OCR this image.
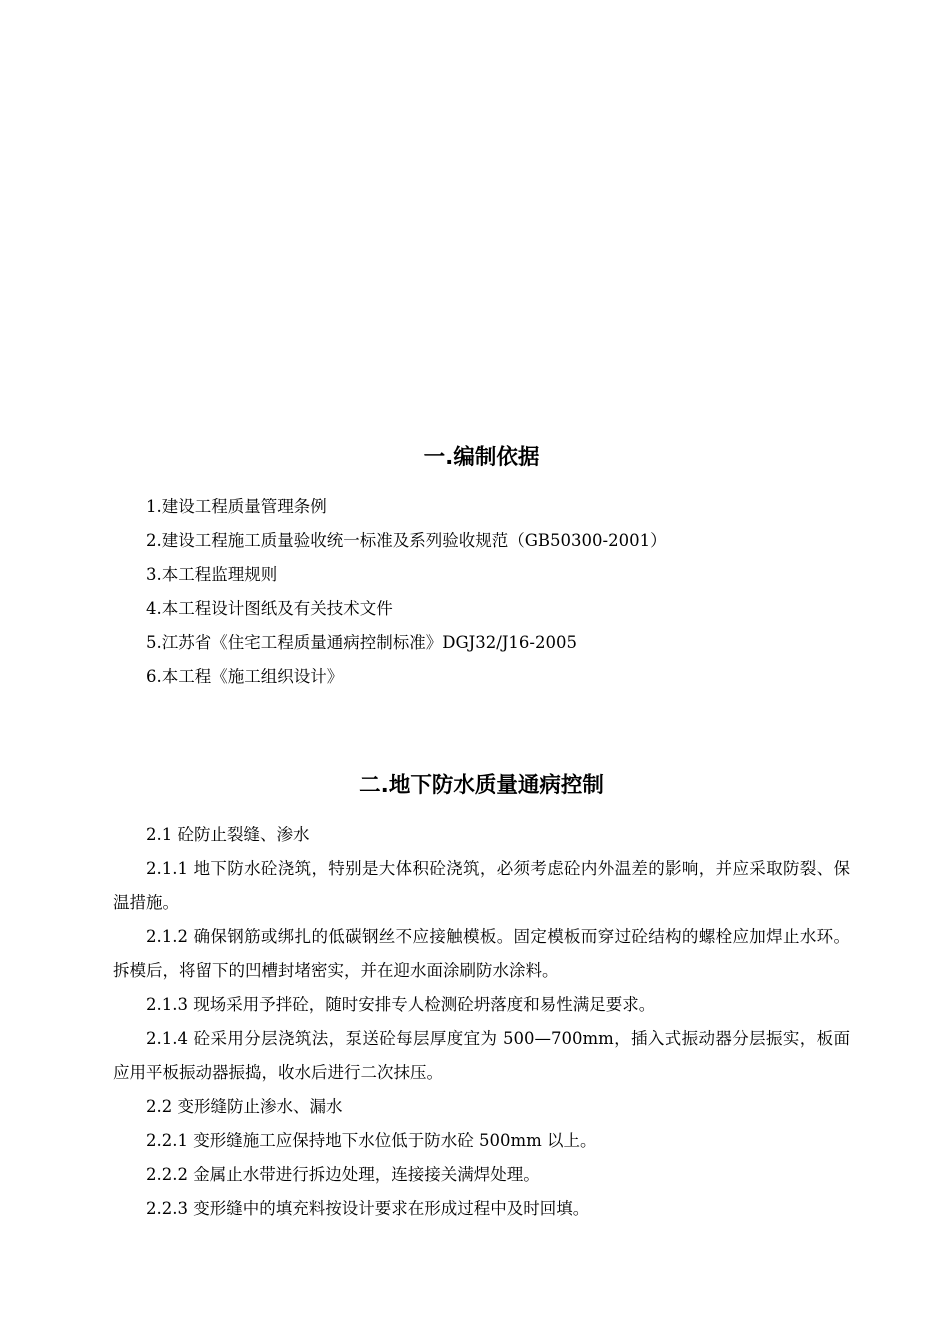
一.编制依据

1.建设工程质量管理条例

2.建设工程施工质量验收统一标准及系列验收规范（GB50300-2001）

3.本工程监理规则

4.本工程设计图纸及有关技术文件

5.江苏省《住宅工程质量通病控制标准》DGJ32/J16-2005

6.本工程《施工组织设计》

二.地下防水质量通病控制

2.1 砼防止裂缝、渗水

2.1.1 地下防水砼浇筑，特别是大体积砼浇筑，必须考虑砼内外温差的影响，并应采取防裂、保温措施。

2.1.2 确保钢筋或绑扎的低碳钢丝不应接触模板。固定模板而穿过砼结构的螺栓应加焊止水环。拆模后，将留下的凹槽封堵密实，并在迎水面涂刷防水涂料。

2.1.3 现场采用予拌砼，随时安排专人检测砼坍落度和易性满足要求。

2.1.4 砼采用分层浇筑法，泵送砼每层厚度宜为 500—700mm，插入式振动器分层振实，板面应用平板振动器振捣，收水后进行二次抹压。

2.2 变形缝防止渗水、漏水

2.2.1 变形缝施工应保持地下水位低于防水砼 500mm 以上。

2.2.2 金属止水带进行拆边处理，连接接关满焊处理。

2.2.3 变形缝中的填充料按设计要求在形成过程中及时回填。
